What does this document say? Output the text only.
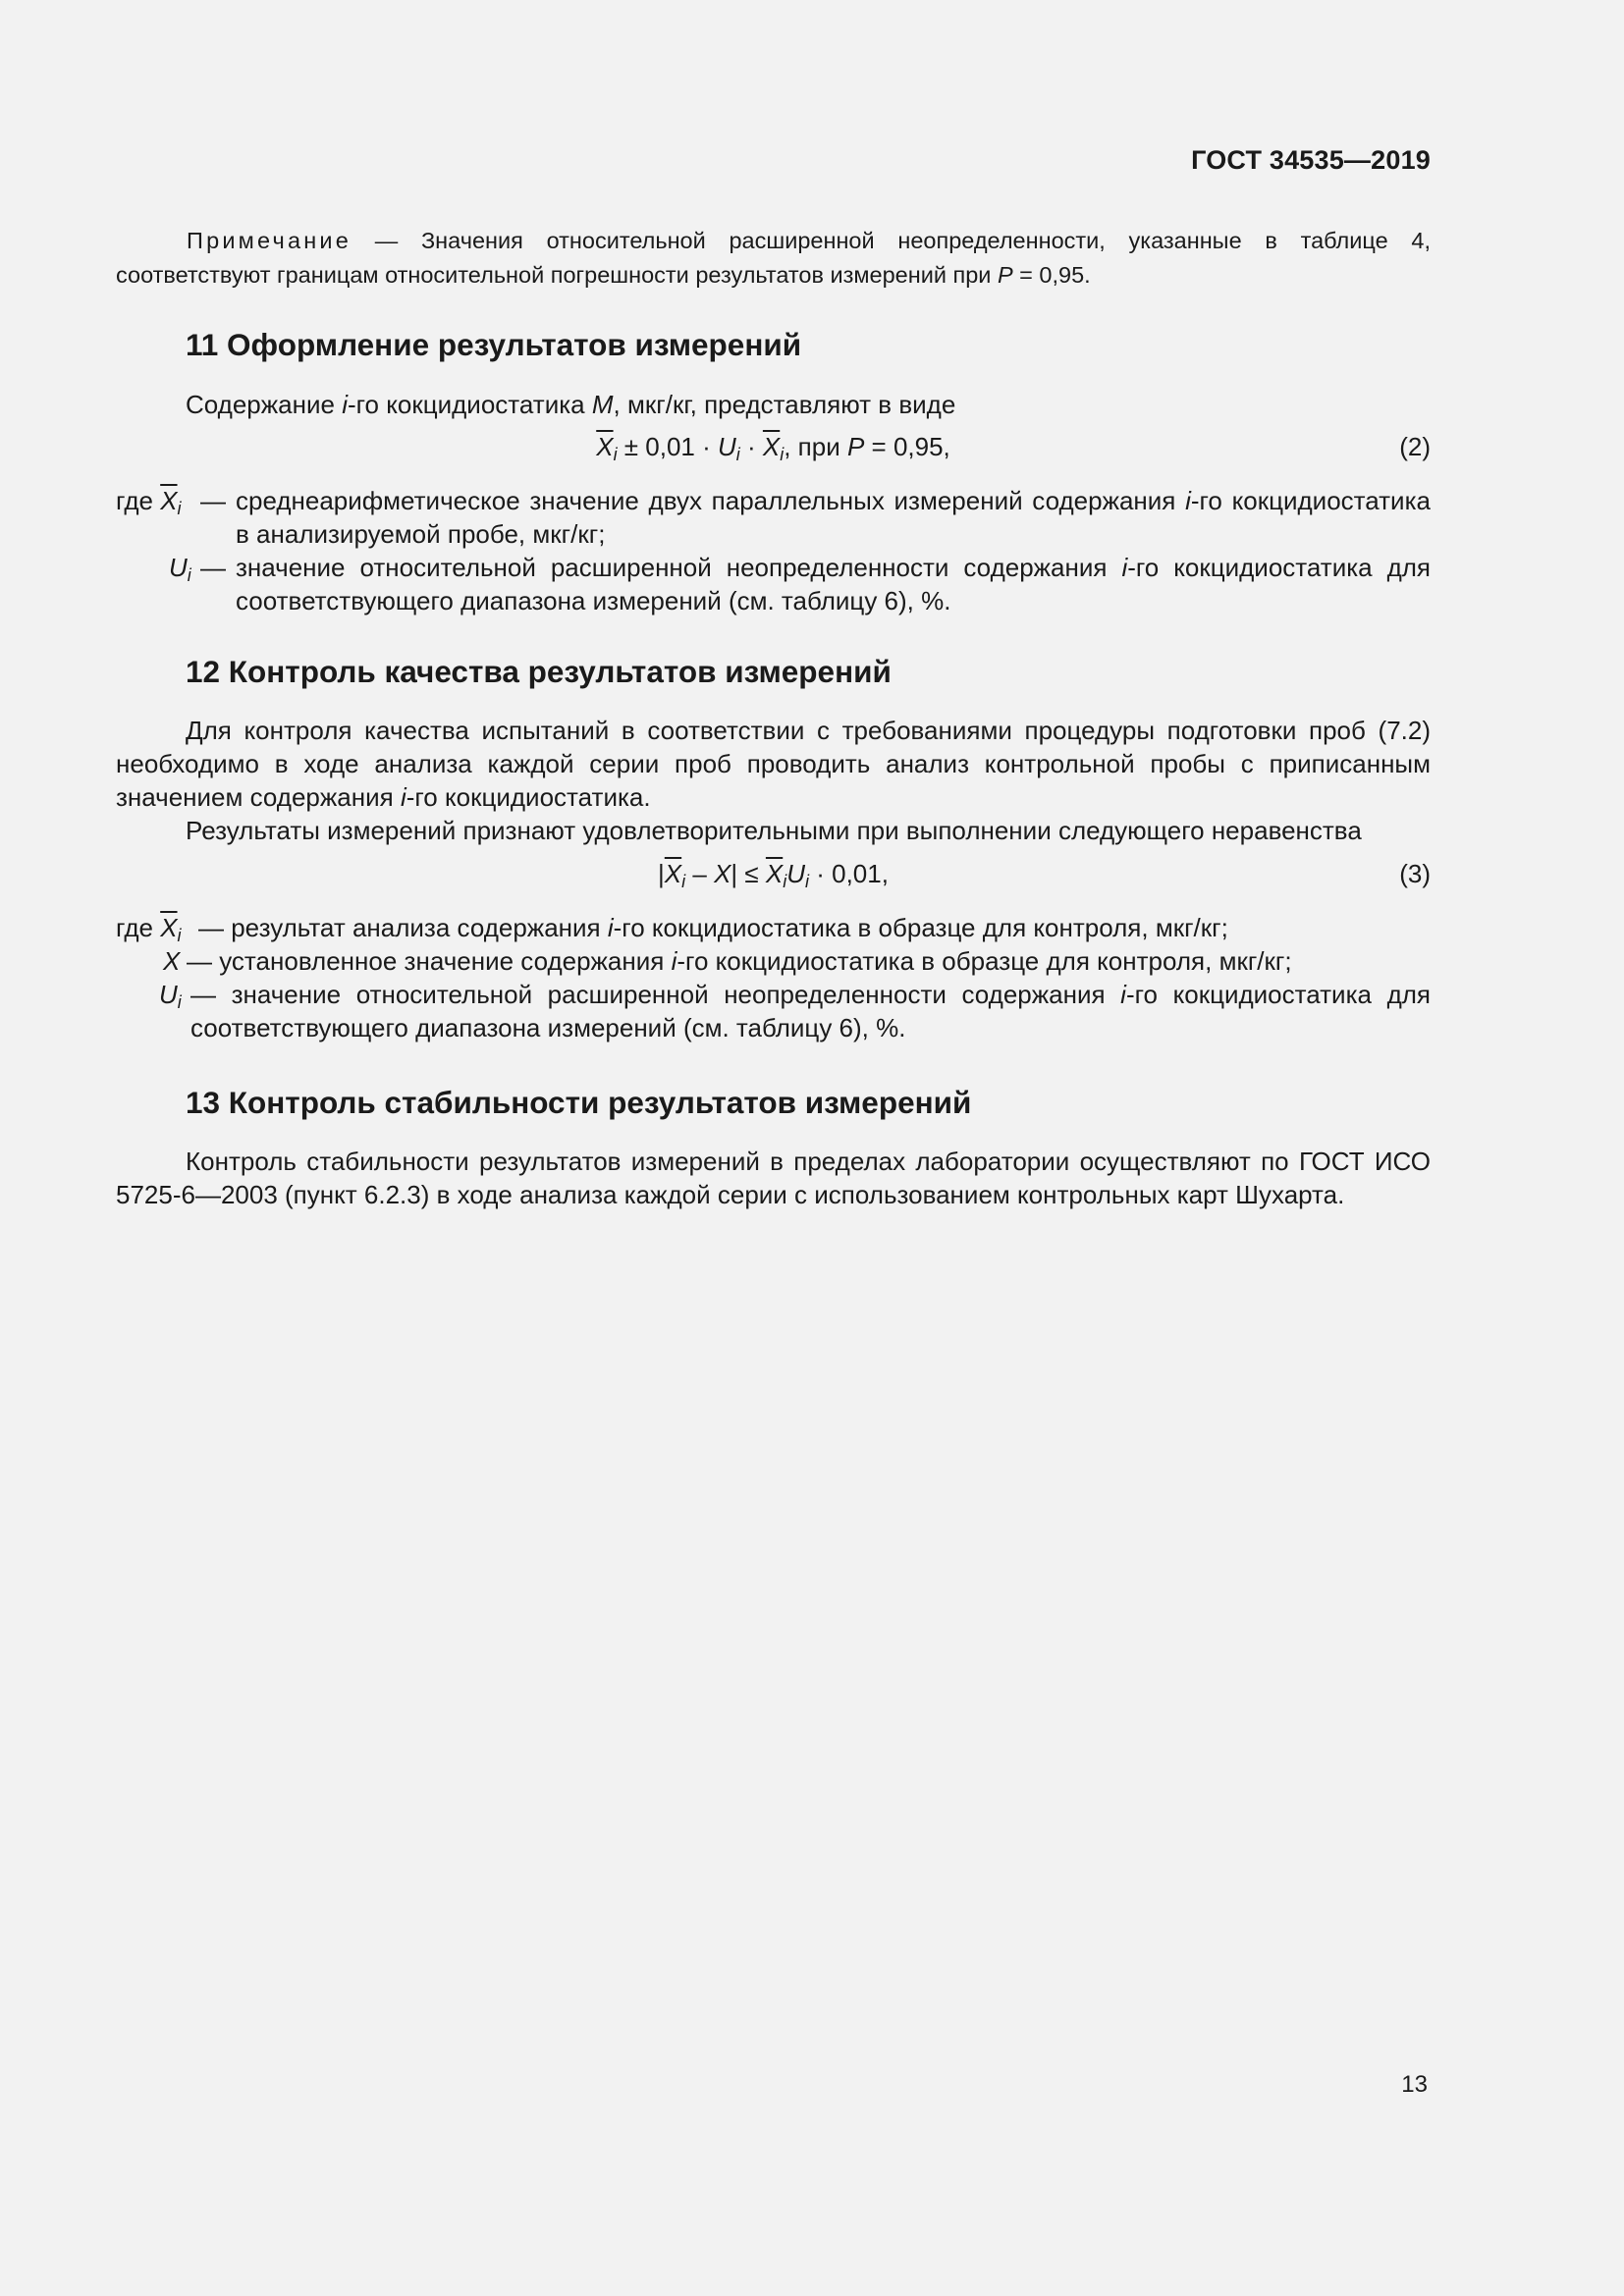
ГОСТ 34535—2019

Примечание — Значения относительной расширенной неопределенности, указанные в таблице 4, соответствуют границам относительной погрешности результатов измерений при P = 0,95.

11 Оформление результатов измерений

Содержание i-го кокцидиостатика M, мкг/кг, представляют в виде

$\overline{X}_i \pm 0,01 \cdot U_i \cdot \overline{X}_i$, при P = 0,95,	(2)
где $\overline{X}_i$ — среднеарифметическое значение двух параллельных измерений содержания i-го кокцидиостатика в анализируемой пробе, мкг/кг;
$U_i$ — значение относительной расширенной неопределенности содержания i-го кокцидиостатика для соответствующего диапазона измерений (см. таблицу 6), %.
12 Контроль качества результатов измерений

Для контроля качества испытаний в соответствии с требованиями процедуры подготовки проб (7.2) необходимо в ходе анализа каждой серии проб проводить анализ контрольной пробы с приписанным значением содержания i-го кокцидиостатика.

Результаты измерений признают удовлетворительными при выполнении следующего неравенства

$|\overline{X}_i - X| \le \overline{X}_iU_i \cdot 0,01$,	(3)
где $\overline{X}_i$ — результат анализа содержания i-го кокцидиостатика в образце для контроля, мкг/кг;
X — установленное значение содержания i-го кокцидиостатика в образце для контроля, мкг/кг;
$U_i$ — значение относительной расширенной неопределенности содержания i-го кокцидиостатика для соответствующего диапазона измерений (см. таблицу 6), %.
13 Контроль стабильности результатов измерений

Контроль стабильности результатов измерений в пределах лаборатории осуществляют по ГОСТ ИСО 5725-6—2003 (пункт 6.2.3) в ходе анализа каждой серии с использованием контрольных карт Шухарта.

13
